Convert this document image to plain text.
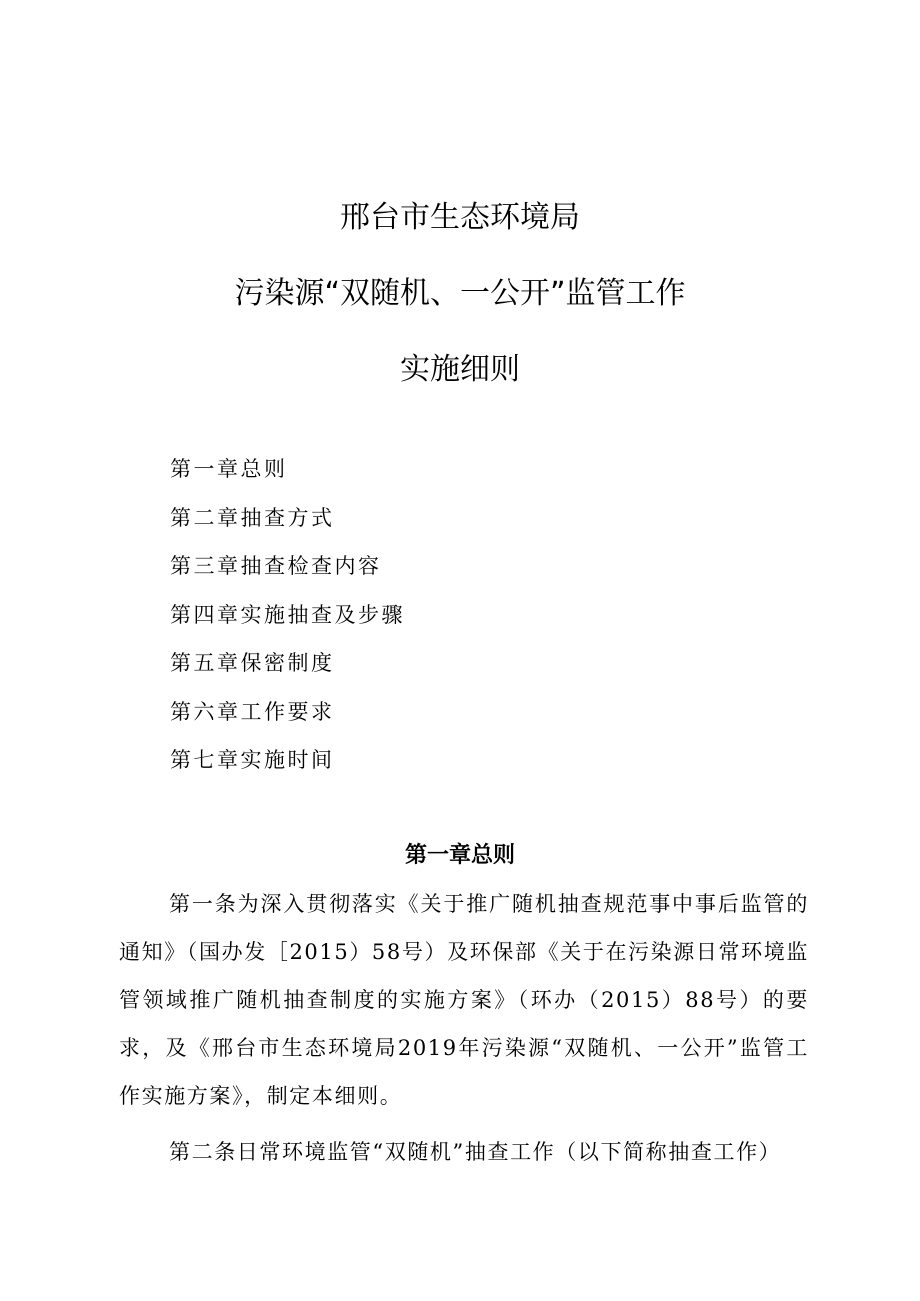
邢台市生态环境局
污染源“双随机、一公开”监管工作
实施细则
第一章总则
第二章抽查方式
第三章抽查检查内容
第四章实施抽查及步骤
第五章保密制度
第六章工作要求
第七章实施时间
第一章总则

第一条为深入贯彻落实《关于推广随机抽查规范事中事后监管的通知》（国办发［2015）58号）及环保部《关于在污染源日常环境监管领域推广随机抽查制度的实施方案》（环办（2015）88号）的要求，及《邢台市生态环境局2019年污染源“双随机、一公开”监管工作实施方案》，制定本细则。

第二条日常环境监管“双随机”抽查工作（以下简称抽查工作）
